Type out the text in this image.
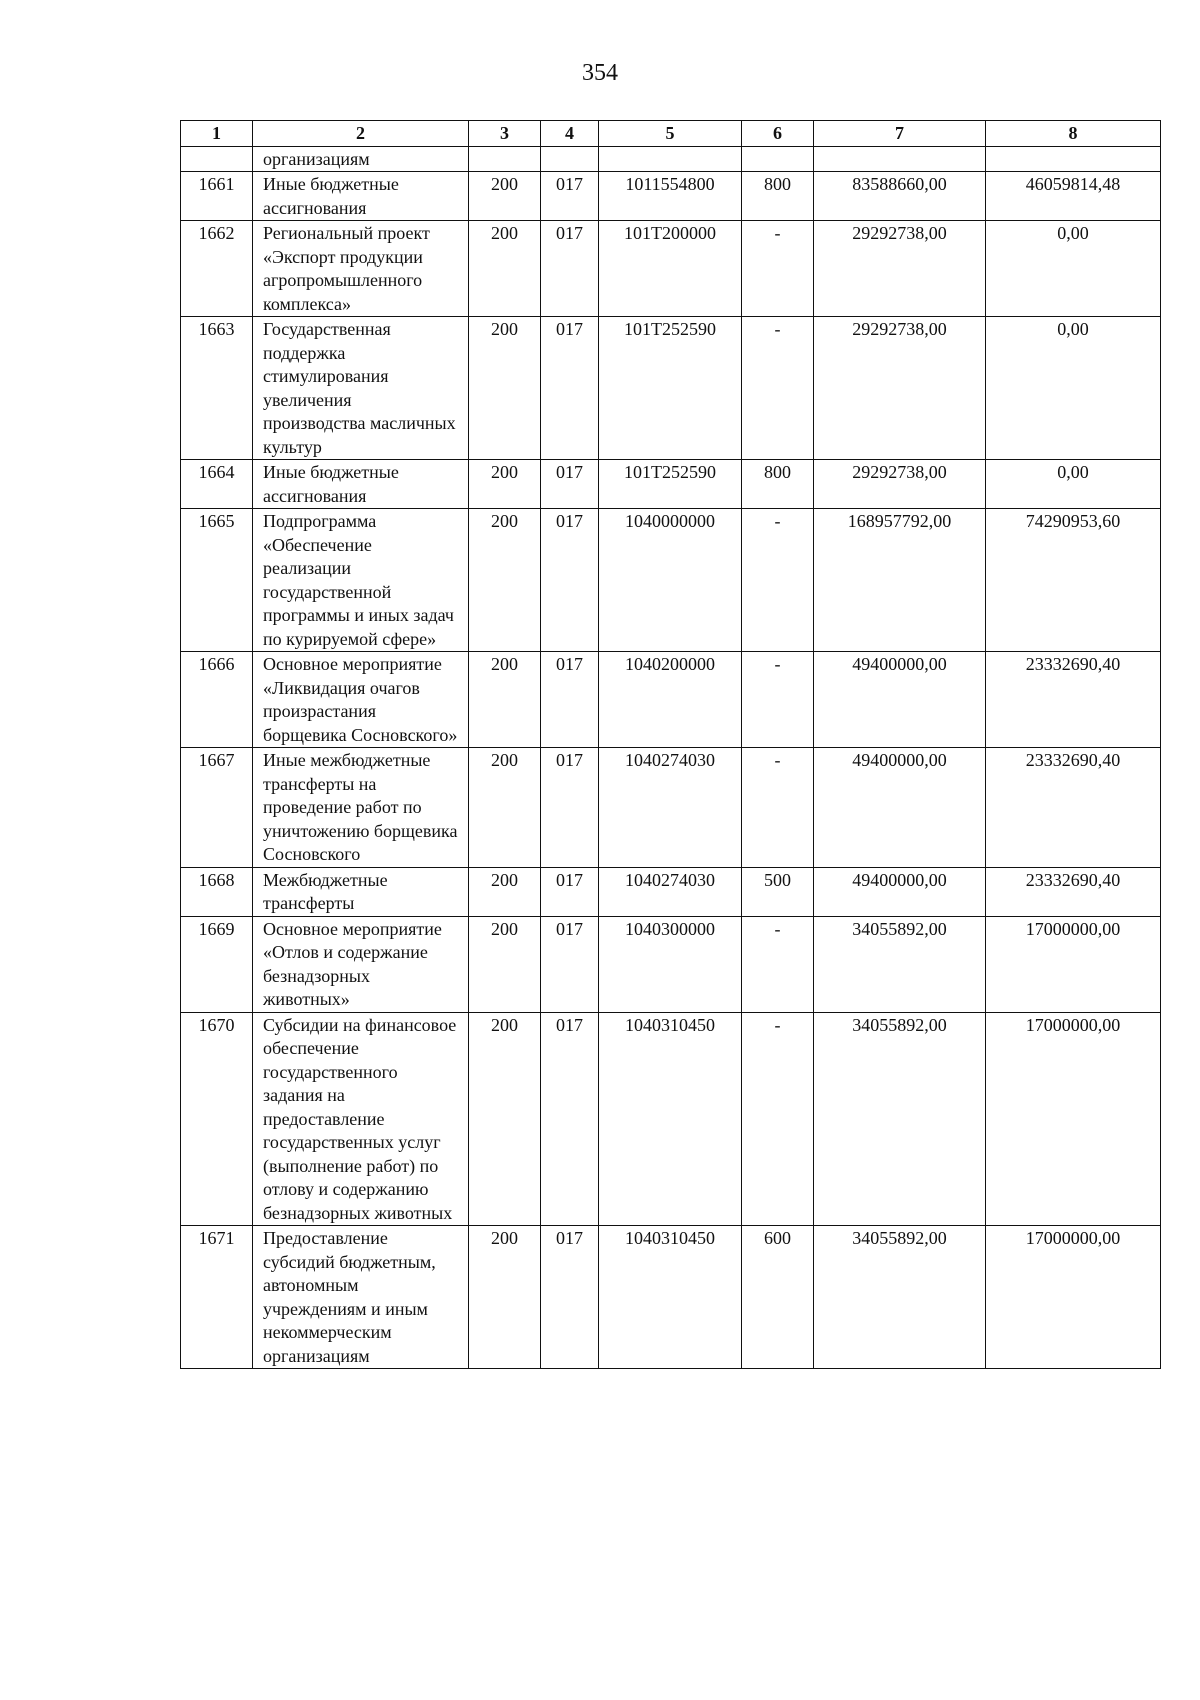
354
1	2	3	4	5	6	7	8
	организациям						
1661	Иные бюджетные ассигнования	200	017	1011554800	800	83588660,00	46059814,48
1662	Региональный проект «Экспорт продукции агропромышленного комплекса»	200	017	101Т200000	-	29292738,00	0,00
1663	Государственная поддержка стимулирования увеличения производства масличных культур	200	017	101Т252590	-	29292738,00	0,00
1664	Иные бюджетные ассигнования	200	017	101Т252590	800	29292738,00	0,00
1665	Подпрограмма «Обеспечение реализации государственной программы и иных задач по курируемой сфере»	200	017	1040000000	-	168957792,00	74290953,60
1666	Основное мероприятие «Ликвидация очагов произрастания борщевика Сосновского»	200	017	1040200000	-	49400000,00	23332690,40
1667	Иные межбюджетные трансферты на проведение работ по уничтожению борщевика Сосновского	200	017	1040274030	-	49400000,00	23332690,40
1668	Межбюджетные трансферты	200	017	1040274030	500	49400000,00	23332690,40
1669	Основное мероприятие «Отлов и содержание безнадзорных животных»	200	017	1040300000	-	34055892,00	17000000,00
1670	Субсидии на финансовое обеспечение государственного задания на предоставление государственных услуг (выполнение работ) по отлову и содержанию безнадзорных животных	200	017	1040310450	-	34055892,00	17000000,00
1671	Предоставление субсидий бюджетным, автономным учреждениям и иным некоммерческим организациям	200	017	1040310450	600	34055892,00	17000000,00
